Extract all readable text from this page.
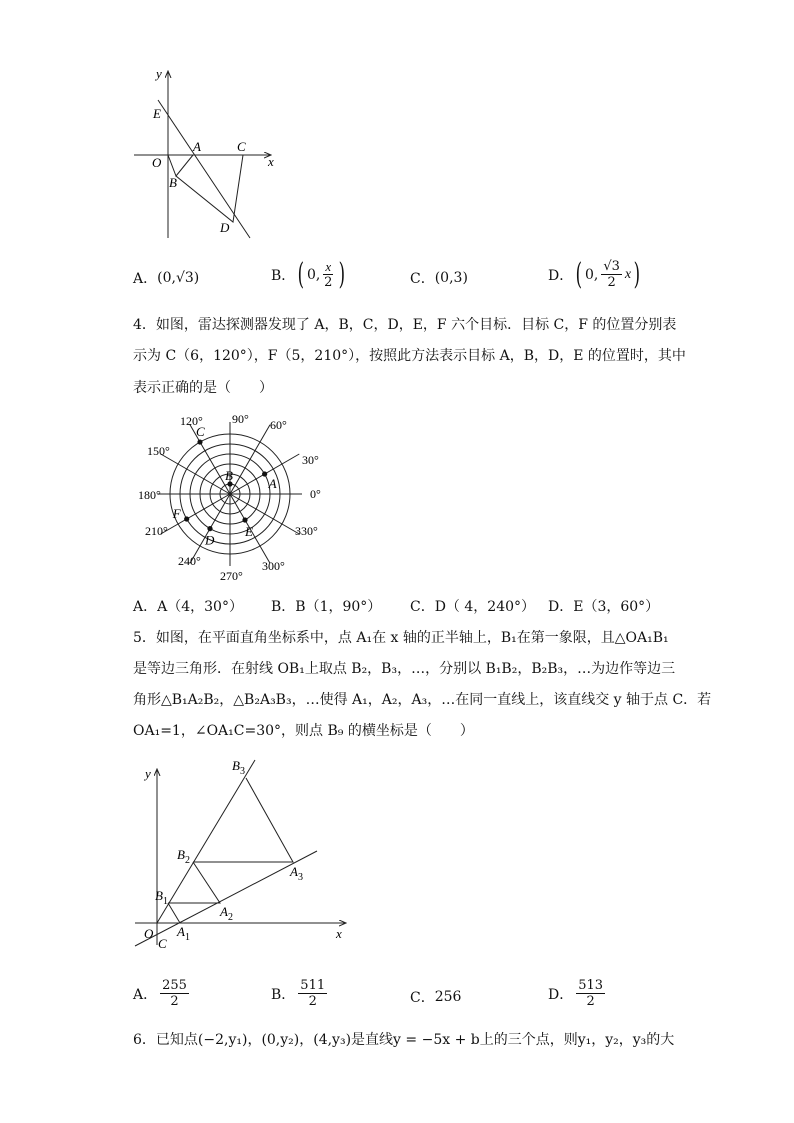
y
x
E
O
A	C
B
D
A． (0,√3)	B． ( 0, $\frac{x}{2}$ )	C． (0,3)	D． ( 0, $\frac{√3}{2}$ x )
4．如图，雷达探测器发现了 A，B，C，D，E，F 六个目标．目标 C，F 的位置分别表
示为 C（6，120°），F（5，210°），按照此方法表示目标 A，B，D，E 的位置时，其中
表示正确的是（　　）
0°
30°
60°
90°
120°
150°
180°
210°
240°
270°
300°
330°
A
B
C
D
E
F
A．A（4，30°） B．B（1，90°） C．D（ 4，240°） D．E（3，60°）
5．如图，在平面直角坐标系中，点 A₁在 x 轴的正半轴上，B₁在第一象限，且△OA₁B₁
是等边三角形．在射线 OB₁上取点 B₂，B₃，…，分别以 B₁B₂，B₂B₃，…为边作等边三
角形△B₁A₂B₂，△B₂A₃B₃，…使得 A₁，A₂，A₃，…在同一直线上，该直线交 y 轴于点 C．若
OA₁=1，∠OA₁C=30°，则点 B₉ 的横坐标是（　　）
y
x
O
C
$A_1$
$A_2$
$A_3$
$B_1$
$B_2$
$B_3$
A． $\frac{255}{2}$	B． $\frac{511}{2}$	C． 256	D． $\frac{513}{2}$
6．已知点(−2,y₁)，(0,y₂)，(4,y₃)是直线y = −5x + b上的三个点，则y₁，y₂，y₃的大
